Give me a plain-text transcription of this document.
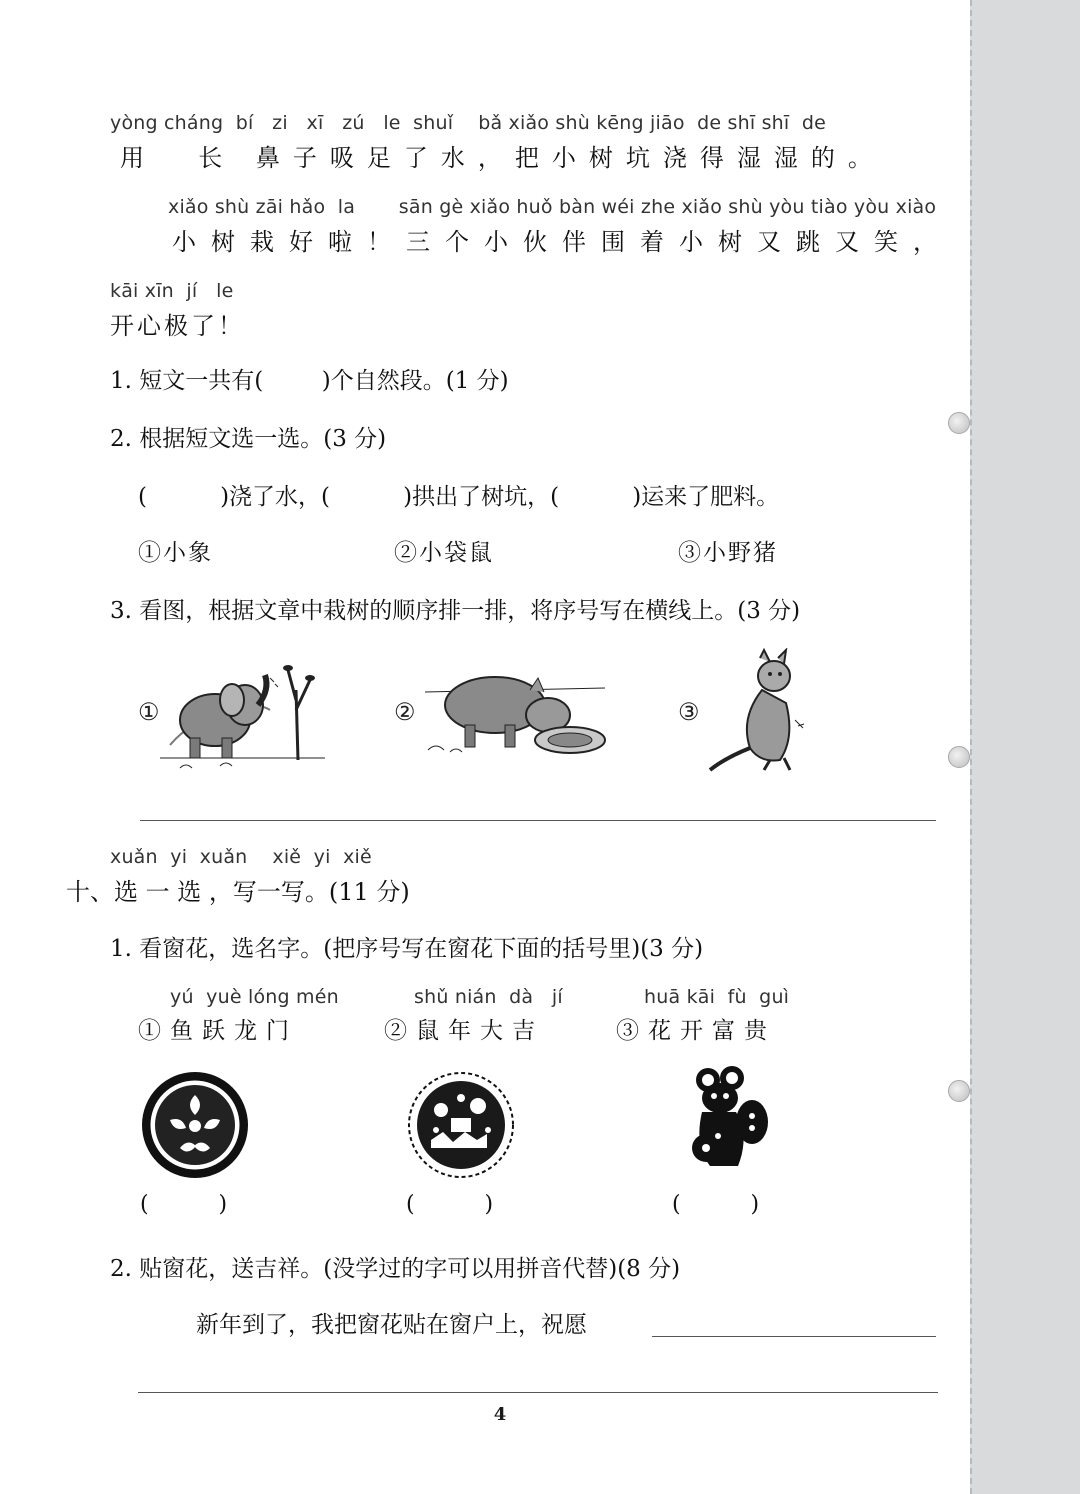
yòng cháng  bí   zi   xī   zú   le  shuǐ    bǎ xiǎo shù kēng jiāo  de shī shī  de
用  长 鼻子吸足了水，把小树坑浇得湿湿的。
xiǎo shù zāi hǎo  la       sān gè xiǎo huǒ bàn wéi zhe xiǎo shù yòu tiào yòu xiào
小树栽好啦！三个小伙伴围着小树又跳又笑，
kāi xīn  jí   le
开心极了！
1. 短文一共有(        )个自然段。(1 分)
2. 根据短文选一选。(3 分)
(          )浇了水，(          )拱出了树坑，(          )运来了肥料。
①小象	②小袋鼠	③小野猪
3. 看图，根据文章中栽树的顺序排一排，将序号写在横线上。(3 分)
①	②	③
xuǎn  yi  xuǎn    xiě  yi  xiě
十、选 一 选 ，写一写。(11 分)
1. 看窗花，选名字。(把序号写在窗花下面的括号里)(3 分)
yú  yuè lóng mén
①鱼跃龙门
shǔ nián  dà   jí
②鼠年大吉
huā kāi  fù  guì
③花开富贵
(          )	(          )	(          )
2. 贴窗花，送吉祥。(没学过的字可以用拼音代替)(8 分)
新年到了，我把窗花贴在窗户上，祝愿
4
